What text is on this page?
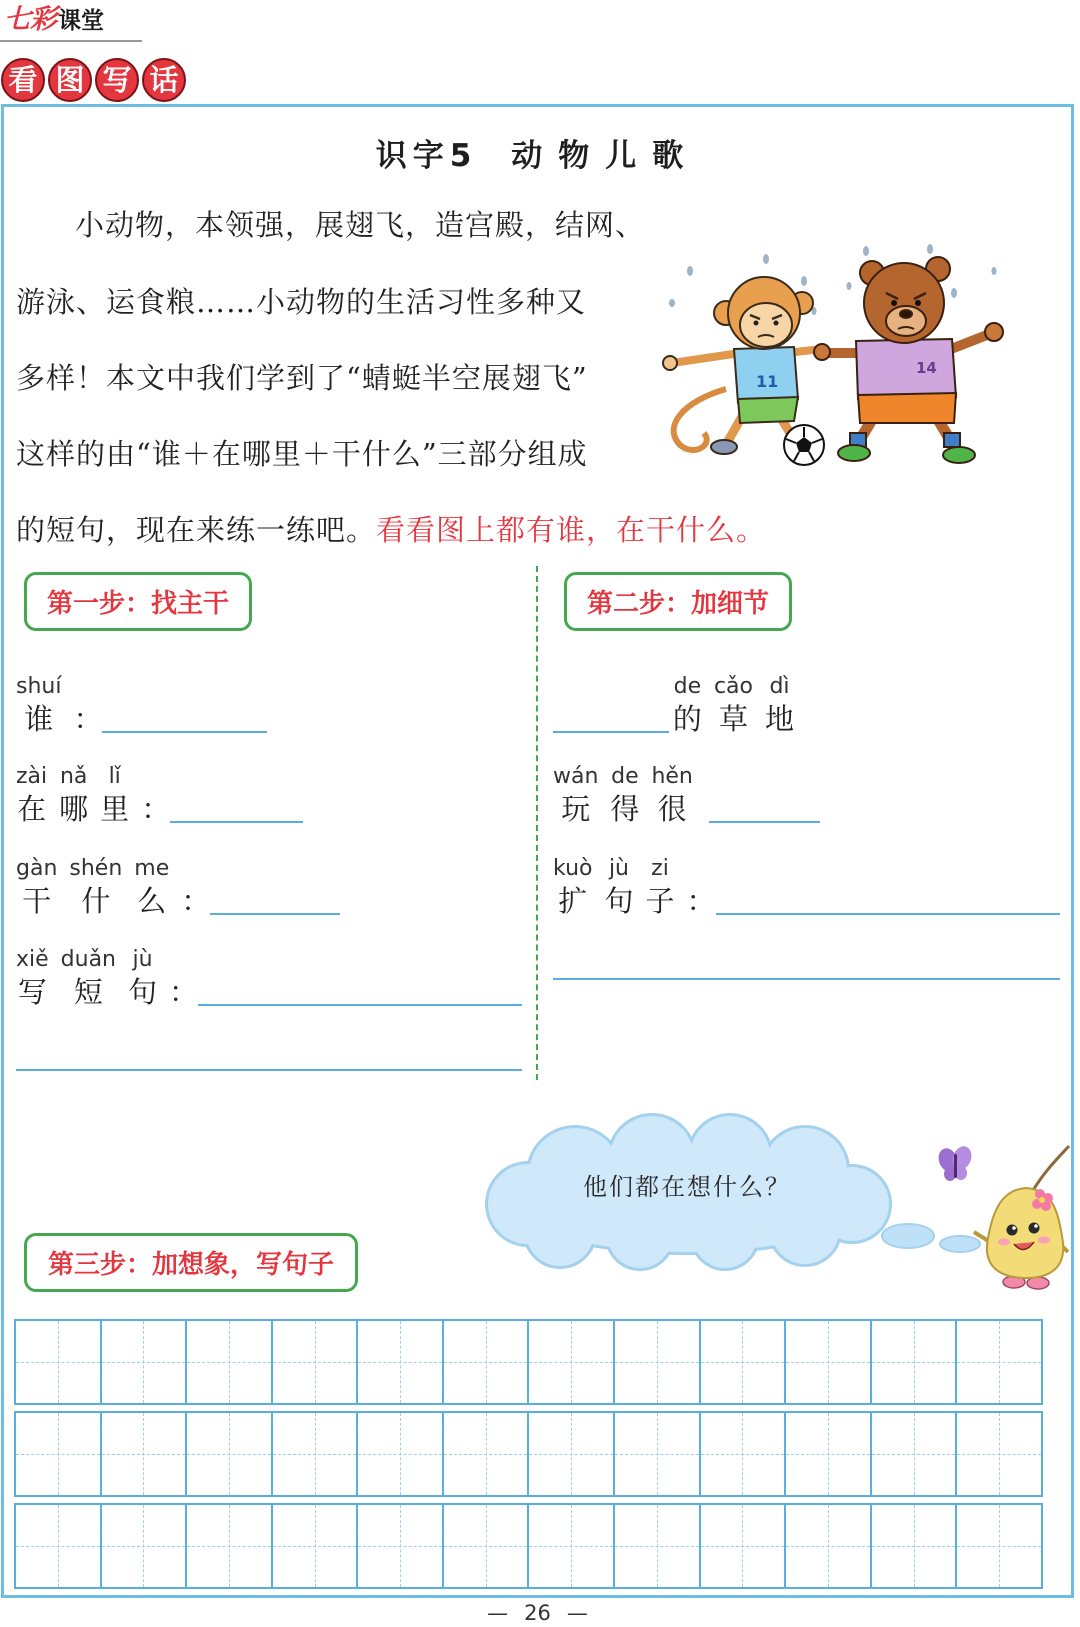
七彩课堂
看 图 写 话
识字5 动物儿歌
小动物，本领强，展翅飞，造宫殿，结网、
游泳、运食粮……小动物的生活习性多种又
多样！本文中我们学到了“蜻蜓半空展翅飞”
这样的由“谁＋在哪里＋干什么”三部分组成
的短句，现在来练一练吧。看看图上都有谁，在干什么。
11
14
第一步：找主干
shuí
谁 ：
zài
在
nǎ
哪
lǐ
里 ：
gàn
干
shén
什
me
么 ：
xiě
写
duǎn
短
jù
句 ：
第二步：加细节
de
的
cǎo
草
dì
地
wán
玩
de
得
hěn
很
kuò
扩
jù
句
zi
子 ：
他们都在想什么？
第三步：加想象，写句子
— 26 —
